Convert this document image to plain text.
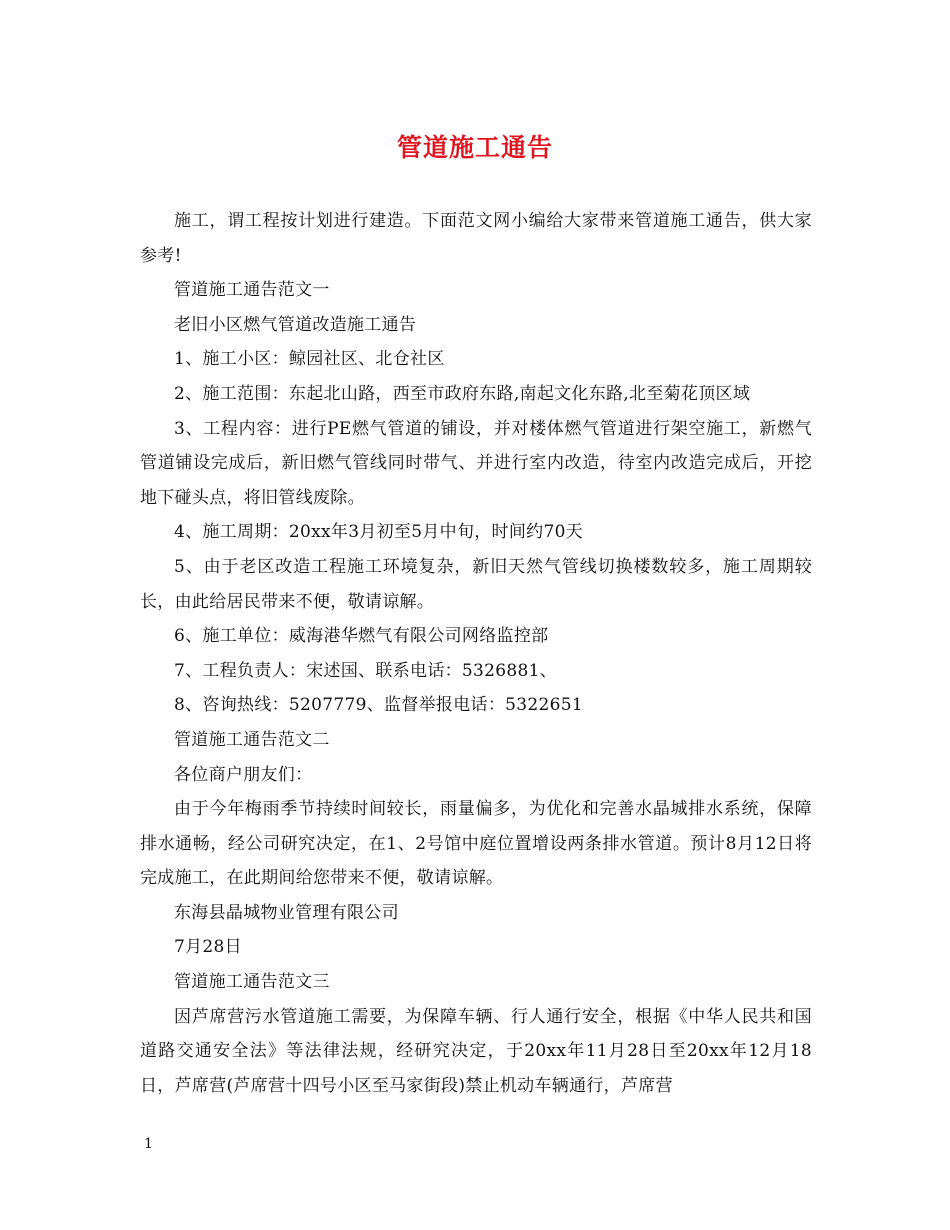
管道施工通告

施工，谓工程按计划进行建造。下面范文网小编给大家带来管道施工通告，供大家参考!

管道施工通告范文一

老旧小区燃气管道改造施工通告

1、施工小区：鲸园社区、北仓社区

2、施工范围：东起北山路，西至市政府东路,南起文化东路,北至菊花顶区域

3、工程内容：进行PE燃气管道的铺设，并对楼体燃气管道进行架空施工，新燃气管道铺设完成后，新旧燃气管线同时带气、并进行室内改造，待室内改造完成后，开挖地下碰头点，将旧管线废除。

4、施工周期：20xx年3月初至5月中旬，时间约70天

5、由于老区改造工程施工环境复杂，新旧天然气管线切换楼数较多，施工周期较长，由此给居民带来不便，敬请谅解。

6、施工单位：威海港华燃气有限公司网络监控部

7、工程负责人：宋述国、联系电话：5326881、

8、咨询热线：5207779、监督举报电话：5322651

管道施工通告范文二

各位商户朋友们：

由于今年梅雨季节持续时间较长，雨量偏多，为优化和完善水晶城排水系统，保障排水通畅，经公司研究决定，在1、2号馆中庭位置增设两条排水管道。预计8月12日将完成施工，在此期间给您带来不便，敬请谅解。

东海县晶城物业管理有限公司

7月28日

管道施工通告范文三

因芦席营污水管道施工需要，为保障车辆、行人通行安全，根据《中华人民共和国道路交通安全法》等法律法规，经研究决定，于20xx年11月28日至20xx年12月18日，芦席营(芦席营十四号小区至马家街段)禁止机动车辆通行，芦席营

1
